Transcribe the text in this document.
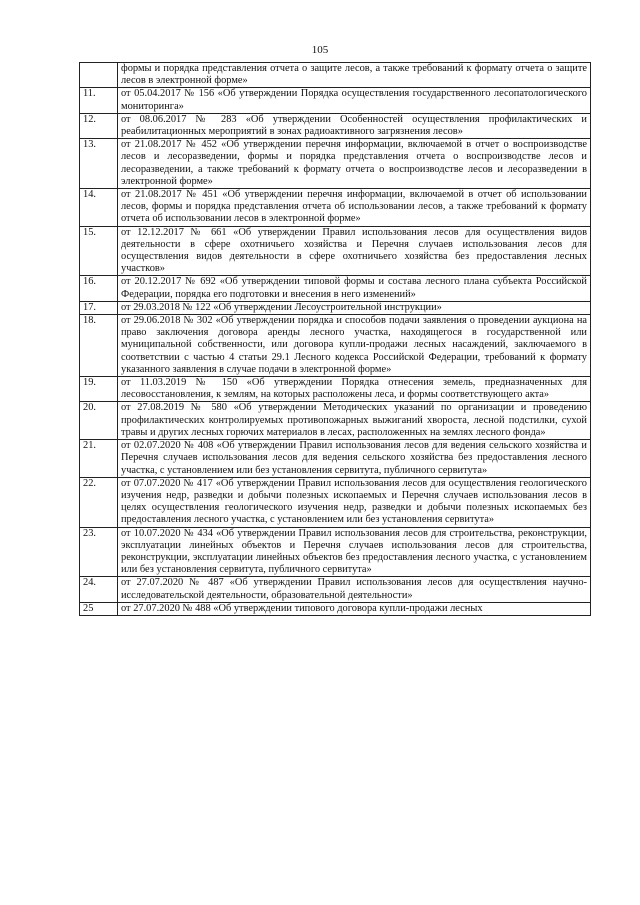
105
	формы и порядка представления отчета о защите лесов, а также требований к формату отчета о защите лесов в электронной форме»
11.	от 05.04.2017 № 156 «Об утверждении Порядка осуществления государственного лесопатологического мониторинга»
12.	от 08.06.2017 № 283 «Об утверждении Особенностей осуществления профилактических и реабилитационных мероприятий в зонах радиоактивного загрязнения лесов»
13.	от 21.08.2017 № 452 «Об утверждении перечня информации, включаемой в отчет о воспроизводстве лесов и лесоразведении, формы и порядка представления отчета о воспроизводстве лесов и лесоразведении, а также требований к формату отчета о воспроизводстве лесов и лесоразведении в электронной форме»
14.	от 21.08.2017 № 451 «Об утверждении перечня информации, включаемой в отчет об использовании лесов, формы и порядка представления отчета об использовании лесов, а также требований к формату отчета об использовании лесов в электронной форме»
15.	от 12.12.2017 № 661 «Об утверждении Правил использования лесов для осуществления видов деятельности в сфере охотничьего хозяйства и Перечня случаев использования лесов для осуществления видов деятельности в сфере охотничьего хозяйства без предоставления лесных участков»
16.	от 20.12.2017 № 692 «Об утверждении типовой формы и состава лесного плана субъекта Российской Федерации, порядка его подготовки и внесения в него изменений»
17.	от 29.03.2018 № 122 «Об утверждении Лесоустроительной инструкции»
18.	от 29.06.2018 № 302 «Об утверждении порядка и способов подачи заявления о проведении аукциона на право заключения договора аренды лесного участка, находящегося в государственной или муниципальной собственности, или договора купли-продажи лесных насаждений, заключаемого в соответствии с частью 4 статьи 29.1 Лесного кодекса Российской Федерации, требований к формату указанного заявления в случае подачи в электронной форме»
19.	от 11.03.2019 № 150 «Об утверждении Порядка отнесения земель, предназначенных для лесовосстановления, к землям, на которых расположены леса, и формы соответствующего акта»
20.	от 27.08.2019 № 580 «Об утверждении Методических указаний по организации и проведению профилактических контролируемых противопожарных выжиганий хвороста, лесной подстилки, сухой травы и других лесных горючих материалов в лесах, расположенных на землях лесного фонда»
21.	от 02.07.2020 № 408 «Об утверждении Правил использования лесов для ведения сельского хозяйства и Перечня случаев использования лесов для ведения сельского хозяйства без предоставления лесного участка, с установлением или без установления сервитута, публичного сервитута»
22.	от 07.07.2020 № 417 «Об утверждении Правил использования лесов для осуществления геологического изучения недр, разведки и добычи полезных ископаемых и Перечня случаев использования лесов в целях осуществления геологического изучения недр, разведки и добычи полезных ископаемых без предоставления лесного участка, с установлением или без установления сервитута»
23.	от 10.07.2020 № 434 «Об утверждении Правил использования лесов для строительства, реконструкции, эксплуатации линейных объектов и Перечня случаев использования лесов для строительства, реконструкции, эксплуатации линейных объектов без предоставления лесного участка, с установлением или без установления сервитута, публичного сервитута»
24.	от 27.07.2020 № 487 «Об утверждении Правил использования лесов для осуществления научно-исследовательской деятельности, образовательной деятельности»
25	от 27.07.2020 № 488 «Об утверждении типового договора купли-продажи лесных
